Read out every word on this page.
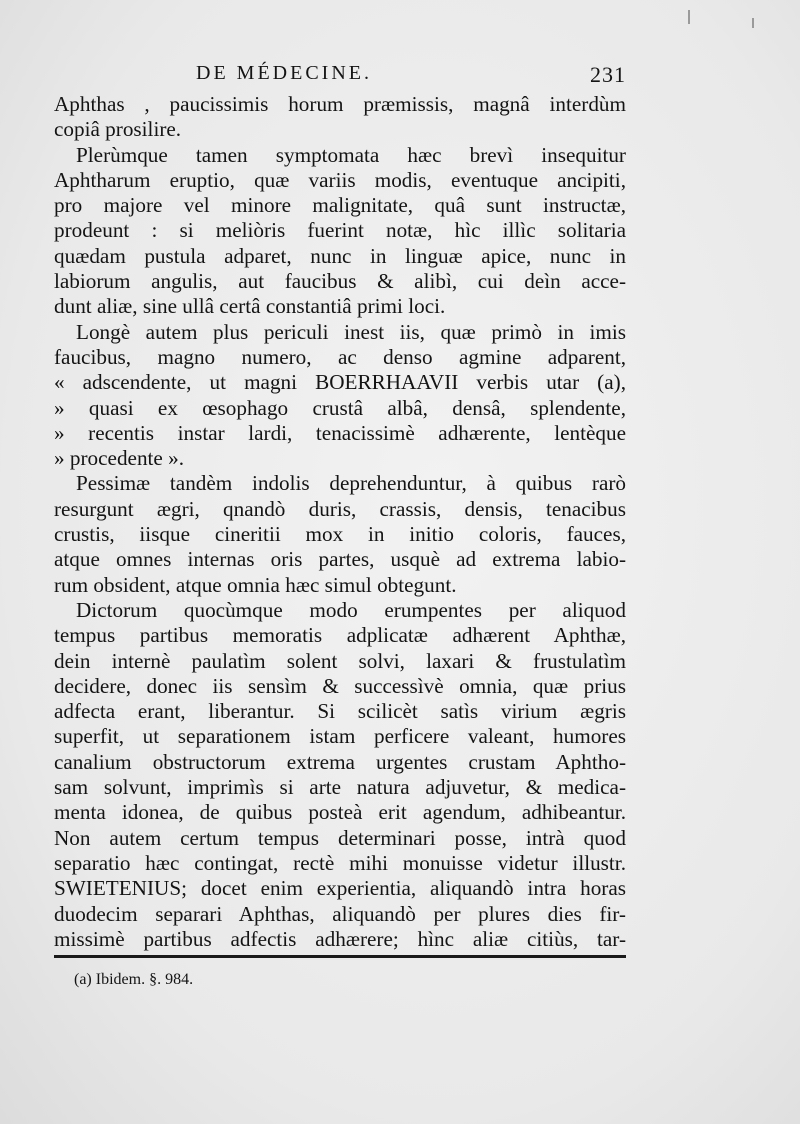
DE MÉDECINE.	231
Aphthas , paucissimis horum præmissis, magnâ interdùm
copiâ prosilire.
Plerùmque tamen symptomata hæc brevì insequitur
Aphtharum eruptio, quæ variis modis, eventuque ancipiti,
pro majore vel minore malignitate, quâ sunt instructæ,
prodeunt : si meliòris fuerint notæ, hìc illìc solitaria
quædam pustula adparet, nunc in linguæ apice, nunc in
labiorum angulis, aut faucibus & alibì, cui deìn acce-
dunt aliæ, sine ullâ certâ constantiâ primi loci.
Longè autem plus periculi inest iis, quæ primò in imis
faucibus, magno numero, ac denso agmine adparent,
« adscendente, ut magni BOERRHAAVII verbis utar (a),
» quasi ex œsophago crustâ albâ, densâ, splendente,
» recentis instar lardi, tenacissimè adhærente, lentèque
» procedente ».
Pessimæ tandèm indolis deprehenduntur, à quibus rarò
resurgunt ægri, qnandò duris, crassis, densis, tenacibus
crustis, iisque cineritii mox in initio coloris, fauces,
atque omnes internas oris partes, usquè ad extrema labio-
rum obsident, atque omnia hæc simul obtegunt.
Dictorum quocùmque modo erumpentes per aliquod
tempus partibus memoratis adplicatæ adhærent Aphthæ,
dein internè paulatìm solent solvi, laxari & frustulatìm
decidere, donec iis sensìm & successìvè omnia, quæ prius
adfecta erant, liberantur. Si scilicèt satìs virium ægris
superfit, ut separationem istam perficere valeant, humores
canalium obstructorum extrema urgentes crustam Aphtho-
sam solvunt, imprimìs si arte natura adjuvetur, & medica-
menta idonea, de quibus posteà erit agendum, adhibeantur.
Non autem certum tempus determinari posse, intrà quod
separatio hæc contingat, rectè mihi monuisse videtur illustr.
SWIETENIUS; docet enim experientia, aliquandò intra horas
duodecim separari Aphthas, aliquandò per plures dies fir-
missimè partibus adfectis adhærere; hìnc aliæ citiùs, tar-
(a) Ibidem. §. 984.
